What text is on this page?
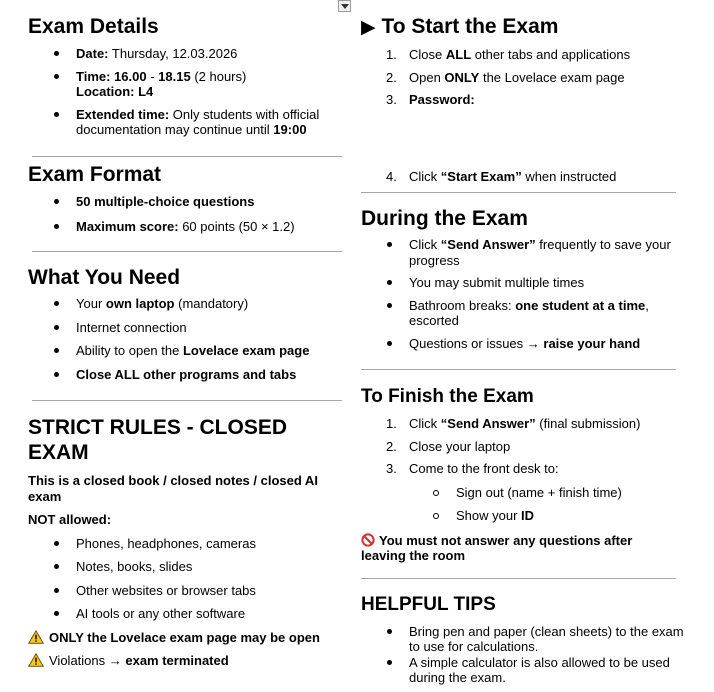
Exam Details
Date: Thursday, 12.03.2026
Time: 16.00 - 18.15 (2 hours)
Location: L4
Extended time: Only students with official documentation may continue until 19:00
Exam Format
50 multiple-choice questions
Maximum score: 60 points (50 × 1.2)
What You Need
Your own laptop (mandatory)
Internet connection
Ability to open the Lovelace exam page
Close ALL other programs and tabs
STRICT RULES - CLOSED EXAM

This is a closed book / closed notes / closed AI exam

NOT allowed:

Phones, headphones, cameras
Notes, books, slides
Other websites or browser tabs
AI tools or any other software

ONLY the Lovelace exam page may be open

Violations → exam terminated

▶ To Start the Exam
1. Close ALL other tabs and applications
2. Open ONLY the Lovelace exam page
3. Password:
4. Click “Start Exam” when instructed
During the Exam
Click “Send Answer” frequently to save your progress
You may submit multiple times
Bathroom breaks: one student at a time, escorted
Questions or issues → raise your hand
To Finish the Exam
1. Click “Send Answer” (final submission)
2. Close your laptop
3. Come to the front desk to:
Sign out (name + finish time)
Show your ID

You must not answer any questions after leaving the room

HELPFUL TIPS
Bring pen and paper (clean sheets) to the exam to use for calculations.
A simple calculator is also allowed to be used during the exam.
